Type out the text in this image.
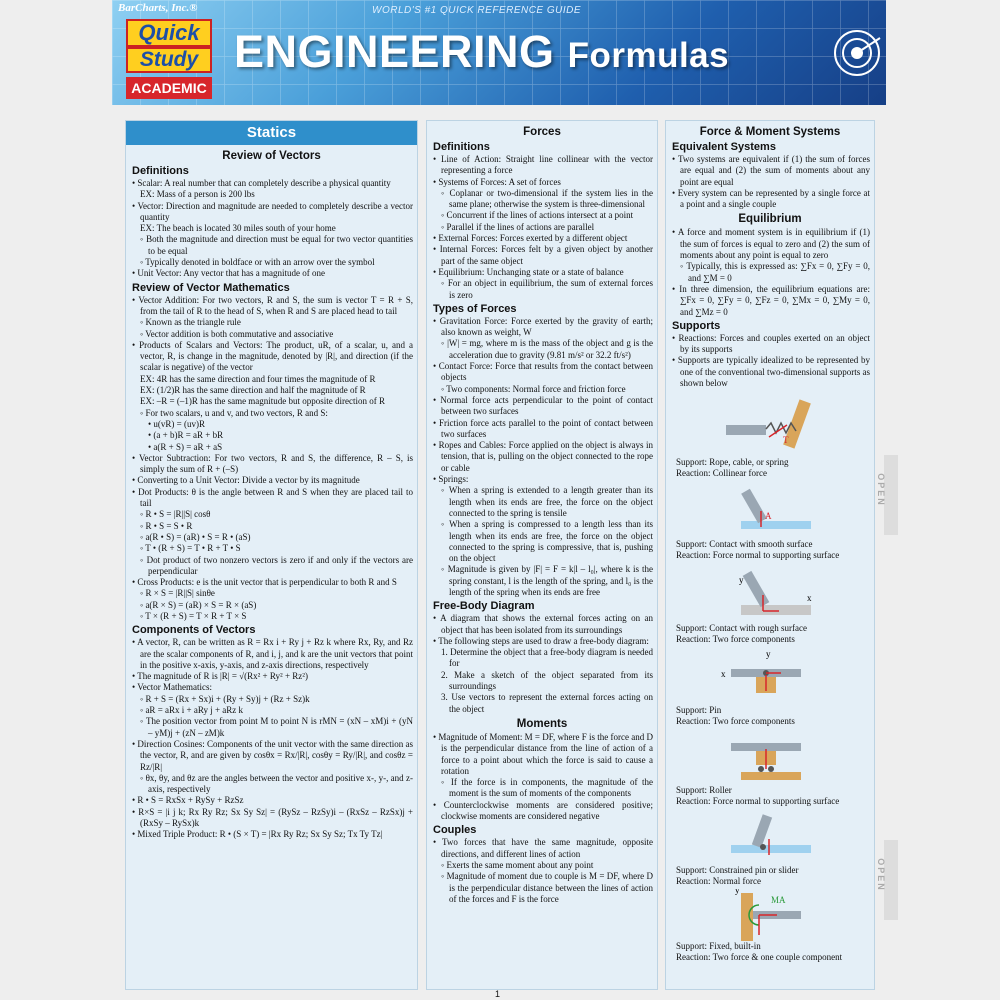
BarCharts, Inc.®	WORLD'S #1 QUICK REFERENCE GUIDE
Quick
Study
ACADEMIC
ENGINEERING Formulas
OPEN
OPEN
Statics
Review of Vectors
Definitions
• Scalar: A real number that can completely describe a physical quantity
EX: Mass of a person is 200 lbs
• Vector: Direction and magnitude are needed to completely describe a vector quantity
EX: The beach is located 30 miles south of your home
◦ Both the magnitude and direction must be equal for two vector quantities to be equal
◦ Typically denoted in boldface or with an arrow over the symbol
• Unit Vector: Any vector that has a magnitude of one
Review of Vector Mathematics
• Vector Addition: For two vectors, R and S, the sum is vector T = R + S, from the tail of R to the head of S, when R and S are placed head to tail
◦ Known as the triangle rule
◦ Vector addition is both commutative and associative
• Products of Scalars and Vectors: The product, uR, of a scalar, u, and a vector, R, is change in the magnitude, denoted by |R|, and direction (if the scalar is negative) of the vector
EX: 4R has the same direction and four times the magnitude of R
EX: (1/2)R has the same direction and half the magnitude of R
EX: –R = (–1)R has the same magnitude but opposite direction of R
◦ For two scalars, u and v, and two vectors, R and S:
• u(vR) = (uv)R
• (a + b)R = aR + bR
• a(R + S) = aR + aS
• Vector Subtraction: For two vectors, R and S, the difference, R – S, is simply the sum of R + (–S)
• Converting to a Unit Vector: Divide a vector by its magnitude
• Dot Products: θ is the angle between R and S when they are placed tail to tail
◦ R • S = |R||S| cosθ
◦ R • S = S • R
◦ a(R • S) = (aR) • S = R • (aS)
◦ T • (R + S) = T • R + T • S
◦ Dot product of two nonzero vectors is zero if and only if the vectors are perpendicular
• Cross Products: e is the unit vector that is perpendicular to both R and S
◦ R × S = |R||S| sinθe
◦ a(R × S) = (aR) × S = R × (aS)
◦ T × (R + S) = T × R + T × S
Components of Vectors
• A vector, R, can be written as R = Rx i + Ry j + Rz k where Rx, Ry, and Rz are the scalar components of R, and i, j, and k are the unit vectors that point in the positive x-axis, y-axis, and z-axis directions, respectively
• The magnitude of R is |R| = √(Rx² + Ry² + Rz²)
• Vector Mathematics:
◦ R + S = (Rx + Sx)i + (Ry + Sy)j + (Rz + Sz)k
◦ aR = aRx i + aRy j + aRz k
◦ The position vector from point M to point N is rMN = (xN – xM)i + (yN – yM)j + (zN – zM)k
• Direction Cosines: Components of the unit vector with the same direction as the vector, R, and are given by cosθx = Rx/|R|, cosθy = Ry/|R|, and cosθz = Rz/|R|
◦ θx, θy, and θz are the angles between the vector and positive x-, y-, and z-axis, respectively
• R • S = RxSx + RySy + RzSz
• R×S = |i j k; Rx Ry Rz; Sx Sy Sz| = (RySz – RzSy)i – (RxSz – RzSx)j + (RxSy – RySx)k
• Mixed Triple Product: R • (S × T) = |Rx Ry Rz; Sx Sy Sz; Tx Ty Tz|
Forces
Definitions
• Line of Action: Straight line collinear with the vector representing a force
• Systems of Forces: A set of forces
◦ Coplanar or two-dimensional if the system lies in the same plane; otherwise the system is three-dimensional
◦ Concurrent if the lines of actions intersect at a point
◦ Parallel if the lines of actions are parallel
• External Forces: Forces exerted by a different object
• Internal Forces: Forces felt by a given object by another part of the same object
• Equilibrium: Unchanging state or a state of balance
◦ For an object in equilibrium, the sum of external forces is zero
Types of Forces
• Gravitation Force: Force exerted by the gravity of earth; also known as weight, W
◦ |W| = mg, where m is the mass of the object and g is the acceleration due to gravity (9.81 m/s² or 32.2 ft/s²)
• Contact Force: Force that results from the contact between objects
◦ Two components: Normal force and friction force
• Normal force acts perpendicular to the point of contact between two surfaces
• Friction force acts parallel to the point of contact between two surfaces
• Ropes and Cables: Force applied on the object is always in tension, that is, pulling on the object connected to the rope or cable
• Springs:
◦ When a spring is extended to a length greater than its length when its ends are free, the force on the object connected to the spring is tensile
◦ When a spring is compressed to a length less than its length when its ends are free, the force on the object connected to the spring is compressive, that is, pushing on the object
◦ Magnitude is given by |F| = F = k|l – l₀|, where k is the spring constant, l is the length of the spring, and l₀ is the length of the spring when its ends are free
Free-Body Diagram
• A diagram that shows the external forces acting on an object that has been isolated from its surroundings
• The following steps are used to draw a free-body diagram:
1. Determine the object that a free-body diagram is needed for
2. Make a sketch of the object separated from its surroundings
3. Use vectors to represent the external forces acting on the object
Moments
• Magnitude of Moment: M = DF, where F is the force and D is the perpendicular distance from the line of action of a force to a point about which the force is said to cause a rotation
◦ If the force is in components, the magnitude of the moment is the sum of moments of the components
• Counterclockwise moments are considered positive; clockwise moments are considered negative
Couples
• Two forces that have the same magnitude, opposite directions, and different lines of action
◦ Exerts the same moment about any point
◦ Magnitude of moment due to couple is M = DF, where D is the perpendicular distance between the lines of action of the forces and F is the force
Force & Moment Systems
Equivalent Systems
• Two systems are equivalent if (1) the sum of forces are equal and (2) the sum of moments about any point are equal
• Every system can be represented by a single force at a point and a single couple
Equilibrium
• A force and moment system is in equilibrium if (1) the sum of forces is equal to zero and (2) the sum of moments about any point is equal to zero
◦ Typically, this is expressed as: ∑Fx = 0, ∑Fy = 0, and ∑M = 0
• In three dimension, the equilibrium equations are: ∑Fx = 0, ∑Fy = 0, ∑Fz = 0, ∑Mx = 0, ∑My = 0, and ∑Mz = 0
Supports
• Reactions: Forces and couples exerted on an object by its supports
• Supports are typically idealized to be represented by one of the conventional two-dimensional supports as shown below
T
Support: Rope, cable, or spring
Reaction: Collinear force
A
Support: Contact with smooth surface
Reaction: Force normal to supporting surface
y
x
Support: Contact with rough surface
Reaction: Two force components
x
y
Support: Pin
Reaction: Two force components
Support: Roller
Reaction: Force normal to supporting surface
Support: Constrained pin or slider
Reaction: Normal force
MA
y
Support: Fixed, built-in
Reaction: Two force & one couple component
1
